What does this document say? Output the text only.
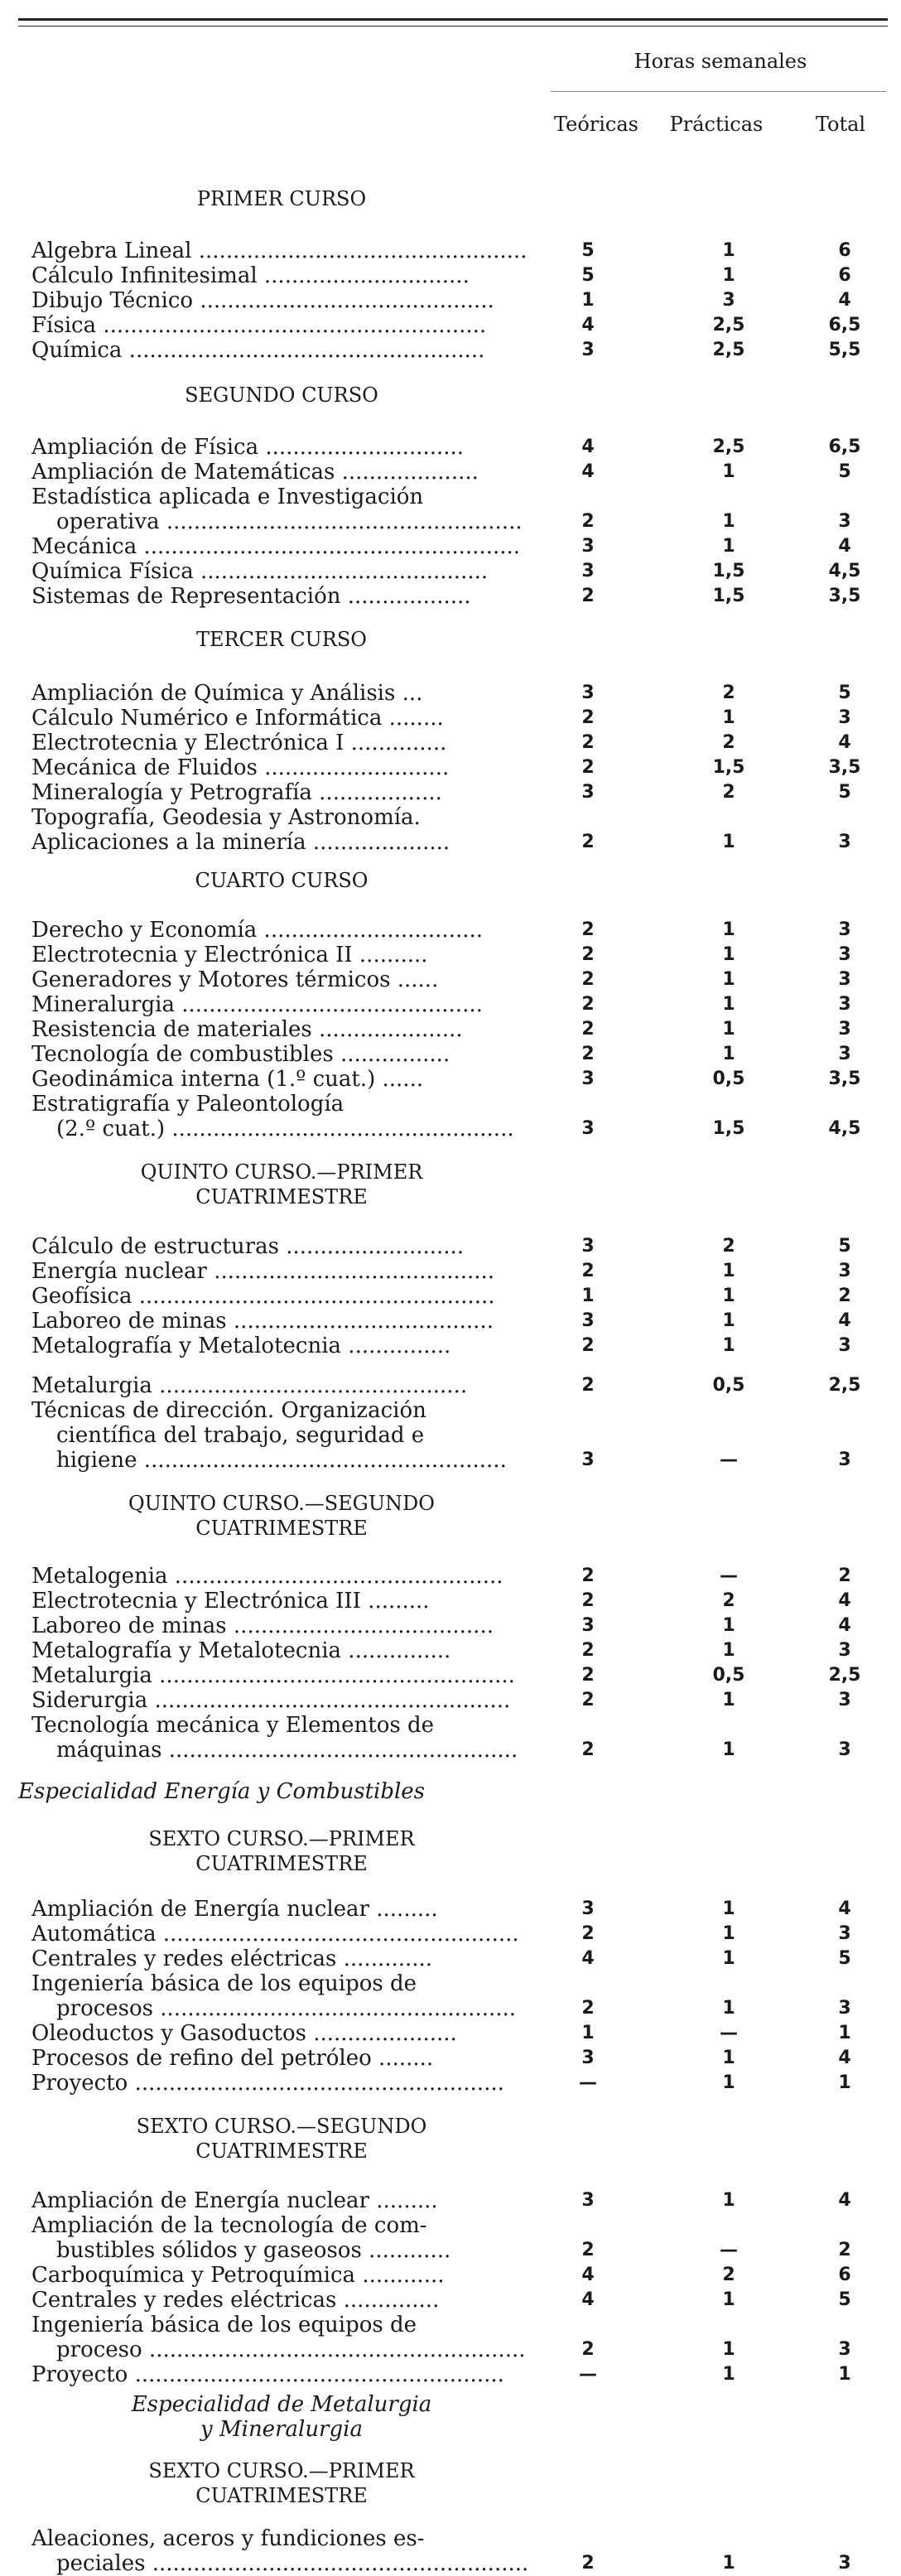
Horas semanales
Teóricas	Prácticas	Total
PRIMER CURSO
Algebra Lineal ................................................	5	1	6
Cálculo Infinitesimal ..............................	5	1	6
Dibujo Técnico ...........................................	1	3	4
Física ........................................................	4	2,5	6,5
Química ....................................................	3	2,5	5,5
SEGUNDO CURSO
Ampliación de Física .............................	4	2,5	6,5
Ampliación de Matemáticas ....................	4	1	5
Estadística aplicada e Investigación
operativa ....................................................	2	1	3
Mecánica .......................................................	3	1	4
Química Física ..........................................	3	1,5	4,5
Sistemas de Representación ..................	2	1,5	3,5
TERCER CURSO
Ampliación de Química y Análisis ...	3	2	5
Cálculo Numérico e Informática ........	2	1	3
Electrotecnia y Electrónica I ..............	2	2	4
Mecánica de Fluidos ...........................	2	1,5	3,5
Mineralogía y Petrografía ..................	3	2	5
Topografía, Geodesia y Astronomía.
Aplicaciones a la minería ....................	2	1	3
CUARTO CURSO
Derecho y Economía ................................	2	1	3
Electrotecnia y Electrónica II ..........	2	1	3
Generadores y Motores térmicos ......	2	1	3
Mineralurgia ............................................	2	1	3
Resistencia de materiales .....................	2	1	3
Tecnología de combustibles ................	2	1	3
Geodinámica interna (1.º cuat.) ......	3	0,5	3,5
Estratigrafía y Paleontología
(2.º cuat.) ..................................................	3	1,5	4,5
QUINTO CURSO.—PRIMER
CUATRIMESTRE
Cálculo de estructuras ..........................	3	2	5
Energía nuclear .........................................	2	1	3
Geofísica ....................................................	1	1	2
Laboreo de minas ......................................	3	1	4
Metalografía y Metalotecnia ...............	2	1	3
Metalurgia .............................................	2	0,5	2,5
Técnicas de dirección. Organización
científica del trabajo, seguridad e
higiene .....................................................	3	—	3
QUINTO CURSO.—SEGUNDO
CUATRIMESTRE
Metalogenia ................................................	2	—	2
Electrotecnia y Electrónica III .........	2	2	4
Laboreo de minas ......................................	3	1	4
Metalografía y Metalotecnia ...............	2	1	3
Metalurgia ....................................................	2	0,5	2,5
Siderurgia ....................................................	2	1	3
Tecnología mecánica y Elementos de
máquinas ...................................................	2	1	3
Especialidad Energía y Combustibles
SEXTO CURSO.—PRIMER
CUATRIMESTRE
Ampliación de Energía nuclear .........	3	1	4
Automática ....................................................	2	1	3
Centrales y redes eléctricas .............	4	1	5
Ingeniería básica de los equipos de
procesos ....................................................	2	1	3
Oleoductos y Gasoductos .....................	1	—	1
Procesos de refino del petróleo ........	3	1	4
Proyecto ......................................................	—	1	1
SEXTO CURSO.—SEGUNDO
CUATRIMESTRE
Ampliación de Energía nuclear .........	3	1	4
Ampliación de la tecnología de com-
bustibles sólidos y gaseosos ............	2	—	2
Carboquímica y Petroquímica ............	4	2	6
Centrales y redes eléctricas ..............	4	1	5
Ingeniería básica de los equipos de
proceso .......................................................	2	1	3
Proyecto ......................................................	—	1	1
Especialidad de Metalurgia
y Mineralurgia
SEXTO CURSO.—PRIMER
CUATRIMESTRE
Aleaciones, aceros y fundiciones es-
peciales .......................................................	2	1	3
